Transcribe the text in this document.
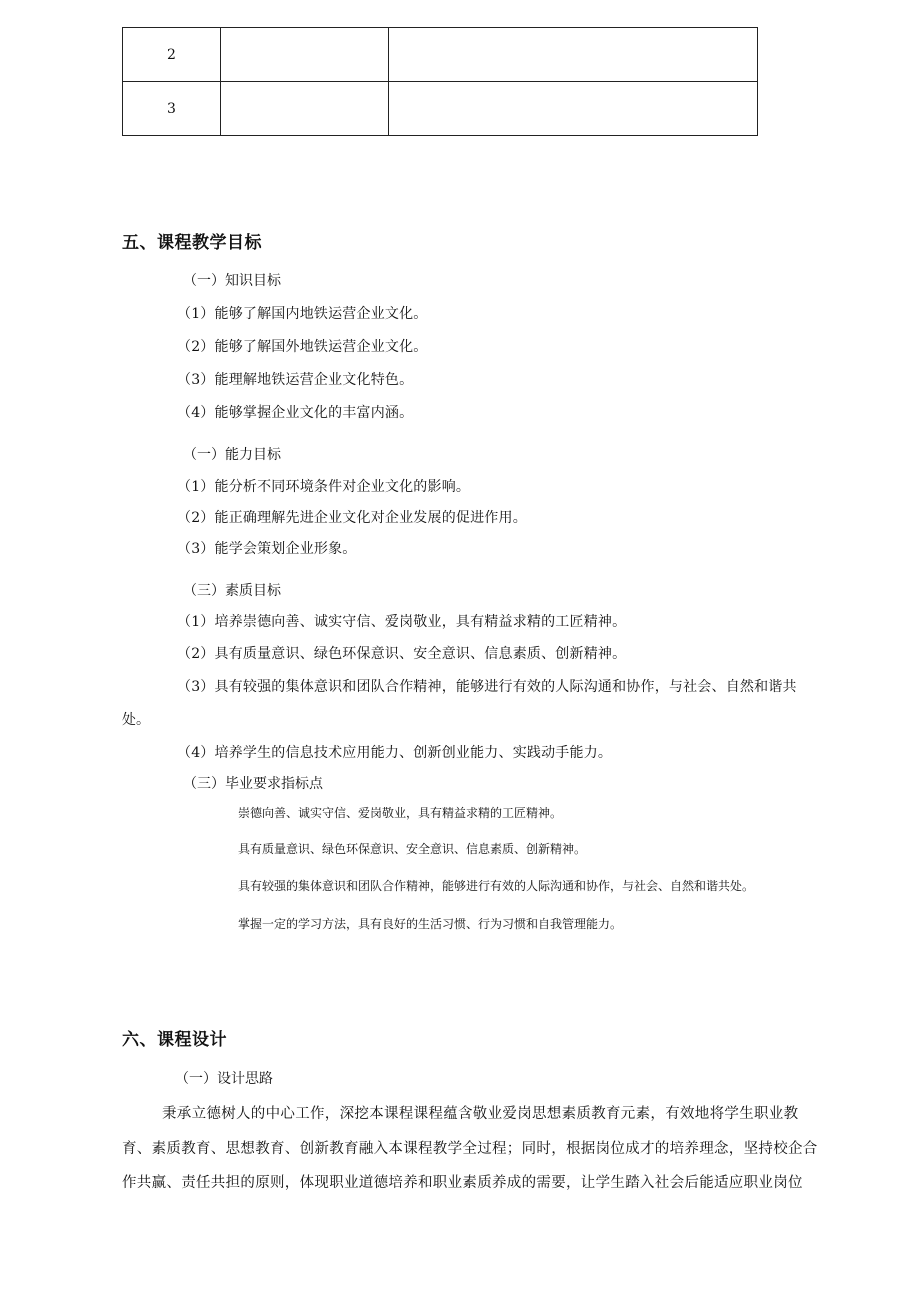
2		
3		
五、课程教学目标
（一）知识目标
（1）能够了解国内地铁运营企业文化。
（2）能够了解国外地铁运营企业文化。
（3）能理解地铁运营企业文化特色。
（4）能够掌握企业文化的丰富内涵。
（一）能力目标
（1）能分析不同环境条件对企业文化的影响。
（2）能正确理解先进企业文化对企业发展的促进作用。
（3）能学会策划企业形象。
（三）素质目标
（1）培养崇德向善、诚实守信、爱岗敬业，具有精益求精的工匠精神。
（2）具有质量意识、绿色环保意识、安全意识、信息素质、创新精神。
（3）具有较强的集体意识和团队合作精神，能够进行有效的人际沟通和协作，与社会、自然和谐共
处。
（4）培养学生的信息技术应用能力、创新创业能力、实践动手能力。
（三）毕业要求指标点
崇德向善、诚实守信、爱岗敬业，具有精益求精的工匠精神。
具有质量意识、绿色环保意识、安全意识、信息素质、创新精神。
具有较强的集体意识和团队合作精神，能够进行有效的人际沟通和协作，与社会、自然和谐共处。
掌握一定的学习方法，具有良好的生活习惯、行为习惯和自我管理能力。
六、课程设计
（一）设计思路
秉承立德树人的中心工作，深挖本课程课程蕴含敬业爱岗思想素质教育元素，有效地将学生职业教
育、素质教育、思想教育、创新教育融入本课程教学全过程；同时，根据岗位成才的培养理念，坚持校企合
作共赢、责任共担的原则，体现职业道德培养和职业素质养成的需要，让学生踏入社会后能适应职业岗位
